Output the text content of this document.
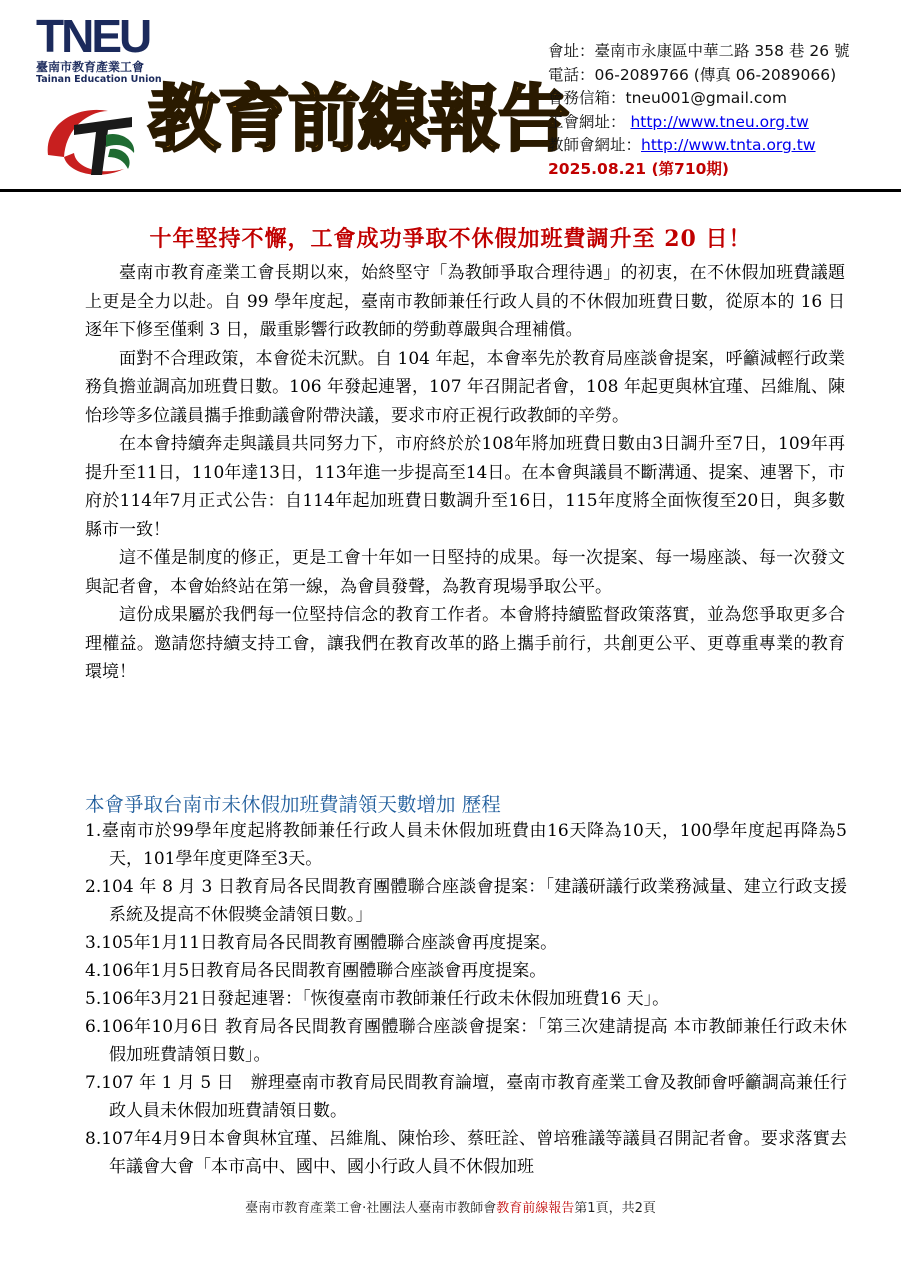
TNEU
臺南市教育產業工會
Tainan Education Union
教育前線報告
會址：臺南市永康區中華二路 358 巷 26 號
電話：06-2089766 (傳真 06-2089066)
會務信箱：tneu001@gmail.com
工會網址： http://www.tneu.org.tw
教師會網址：http://www.tnta.org.tw
2025.08.21 (第710期)
十年堅持不懈，工會成功爭取不休假加班費調升至 20 日！

臺南市教育產業工會長期以來，始終堅守「為教師爭取合理待遇」的初衷，在不休假加班費議題上更是全力以赴。自 99 學年度起，臺南市教師兼任行政人員的不休假加班費日數，從原本的 16 日逐年下修至僅剩 3 日，嚴重影響行政教師的勞動尊嚴與合理補償。

面對不合理政策，本會從未沉默。自 104 年起，本會率先於教育局座談會提案，呼籲減輕行政業務負擔並調高加班費日數。106 年發起連署，107 年召開記者會，108 年起更與林宜瑾、呂維胤、陳怡珍等多位議員攜手推動議會附帶決議，要求市府正視行政教師的辛勞。

在本會持續奔走與議員共同努力下，市府終於於108年將加班費日數由3日調升至7日，109年再提升至11日，110年達13日，113年進一步提高至14日。在本會與議員不斷溝通、提案、連署下，市府於114年7月正式公告：自114年起加班費日數調升至16日，115年度將全面恢復至20日，與多數縣市一致！

這不僅是制度的修正，更是工會十年如一日堅持的成果。每一次提案、每一場座談、每一次發文與記者會，本會始終站在第一線，為會員發聲，為教育現場爭取公平。

這份成果屬於我們每一位堅持信念的教育工作者。本會將持續監督政策落實，並為您爭取更多合理權益。邀請您持續支持工會，讓我們在教育改革的路上攜手前行，共創更公平、更尊重專業的教育環境！

本會爭取台南市未休假加班費請領天數增加 歷程
1.臺南市於99學年度起將教師兼任行政人員未休假加班費由16天降為10天，100學年度起再降為5天，101學年度更降至3天。
2.104 年 8 月 3 日教育局各民間教育團體聯合座談會提案：「建議研議行政業務減量、建立行政支援系統及提高不休假獎金請領日數。」
3.105年1月11日教育局各民間教育團體聯合座談會再度提案。
4.106年1月5日教育局各民間教育團體聯合座談會再度提案。
5.106年3月21日發起連署：「恢復臺南市教師兼任行政未休假加班費16 天」。
6.106年10月6日 教育局各民間教育團體聯合座談會提案：「第三次建請提高 本市教師兼任行政未休假加班費請領日數」。
7.107 年 1 月 5 日　辦理臺南市教育局民間教育論壇，臺南市教育產業工會及教師會呼籲調高兼任行政人員未休假加班費請領日數。
8.107年4月9日本會與林宜瑾、呂維胤、陳怡珍、蔡旺詮、曾培雅議等議員召開記者會。要求落實去年議會大會「本市高中、國中、國小行政人員不休假加班
臺南市教育產業工會‧社團法人臺南市教師會教育前線報告第1頁，共2頁
